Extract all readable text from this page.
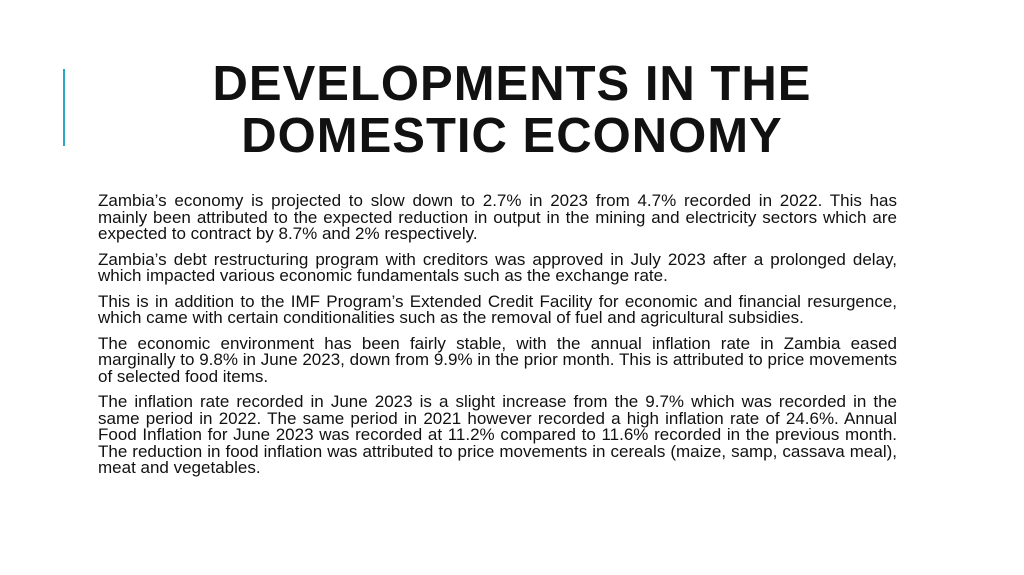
DEVELOPMENTS IN THE
DOMESTIC ECONOMY

Zambia’s economy is projected to slow down to 2.7% in 2023 from 4.7% recorded in 2022. This has mainly been attributed to the expected reduction in output in the mining and electricity sectors which are expected to contract by 8.7% and 2% respectively.

Zambia’s debt restructuring program with creditors was approved in July 2023 after a prolonged delay, which impacted various economic fundamentals such as the exchange rate.

This is in addition to the IMF Program’s Extended Credit Facility for economic and financial resurgence, which came with certain conditionalities such as the removal of fuel and agricultural subsidies.

The economic environment has been fairly stable, with the annual inflation rate in Zambia eased marginally to 9.8% in June 2023, down from 9.9% in the prior month. This is attributed to price movements of selected food items.

The inflation rate recorded in June 2023 is a slight increase from the 9.7% which was recorded in the same period in 2022. The same period in 2021 however recorded a high inflation rate of 24.6%. Annual Food Inflation for June 2023 was recorded at 11.2% compared to 11.6% recorded in the previous month. The reduction in food inflation was attributed to price movements in cereals (maize, samp, cassava meal), meat and vegetables.
